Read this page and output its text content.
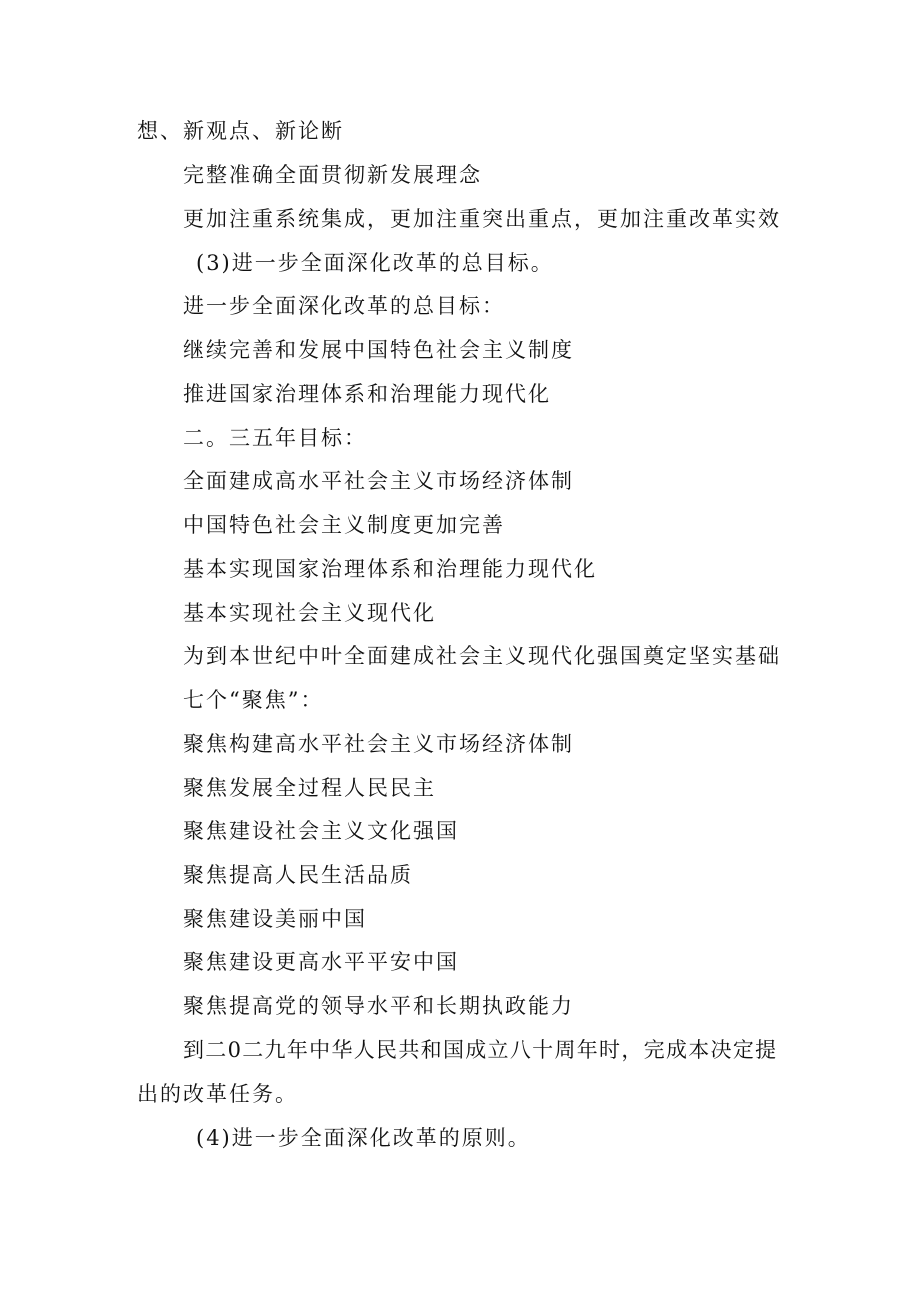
想、新观点、新论断
完整准确全面贯彻新发展理念
更加注重系统集成，更加注重突出重点，更加注重改革实效
(3)进一步全面深化改革的总目标。
进一步全面深化改革的总目标：
继续完善和发展中国特色社会主义制度
推进国家治理体系和治理能力现代化
二。三五年目标：
全面建成高水平社会主义市场经济体制
中国特色社会主义制度更加完善
基本实现国家治理体系和治理能力现代化
基本实现社会主义现代化
为到本世纪中叶全面建成社会主义现代化强国奠定坚实基础
七个“聚焦”：
聚焦构建高水平社会主义市场经济体制
聚焦发展全过程人民民主
聚焦建设社会主义文化强国
聚焦提高人民生活品质
聚焦建设美丽中国
聚焦建设更高水平平安中国
聚焦提高党的领导水平和长期执政能力
到二0二九年中华人民共和国成立八十周年时，完成本决定提
出的改革任务。
(4)进一步全面深化改革的原则。
